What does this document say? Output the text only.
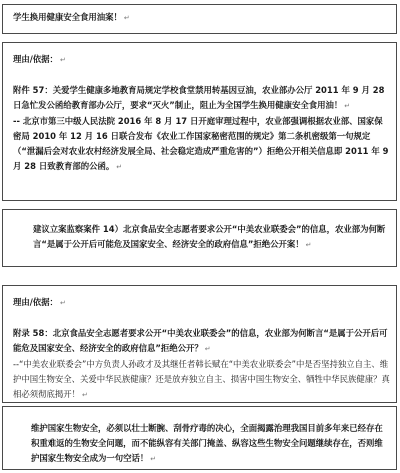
学生换用健康安全食用油案！ ↵
理由/依据： ↵
附件 57：关爱学生健康多地教育局规定学校食堂禁用转基因豆油，农业部办公厅 2011 年 9 月 28 日急忙发公函给教育部办公厅，要求“灭火”制止，阻止为全国学生换用健康安全食用油！ ↵
-- 北京市第三中级人民法院 2016 年 8 月 17 日开庭审理过程中，农业部强调根据农业部、国家保密局 2010 年 12 月 16 日联合发布《农业工作国家秘密范围的规定》第二条机密级第一句规定（“泄漏后会对农业农村经济发展全局、社会稳定造成严重危害的”）拒绝公开相关信息即 2011 年 9 月 28 日致教育部的公函。 ↵
建议立案监察案件 14）北京食品安全志愿者要求公开“中美农业联委会”的信息，农业部为何断言“是属于公开后可能危及国家安全、经济安全的政府信息”拒绝公开案！ ↵
理由/依据： ↵
附录 58：北京食品安全志愿者要求公开“中美农业联委会”的信息，农业部为何断言“是属于公开后可能危及国家安全、经济安全的政府信息”拒绝公开？ ↵
--“中美农业联委会”中方负责人孙政才及其继任者韩长赋在“中美农业联委会”中是否坚持独立自主、维护中国生物安全、关爱中华民族健康？还是放弃独立自主、损害中国生物安全、牺牲中华民族健康？真相必须彻底揭开！ ↵
维护国家生物安全，必须以壮士断腕、刮骨疗毒的决心，全面揭露治理我国目前多年来已经存在积重难返的生物安全问题，而不能纵容有关部门掩盖、纵容这些生物安全问题继续存在，否则维护国家生物安全成为一句空话！ ↵
